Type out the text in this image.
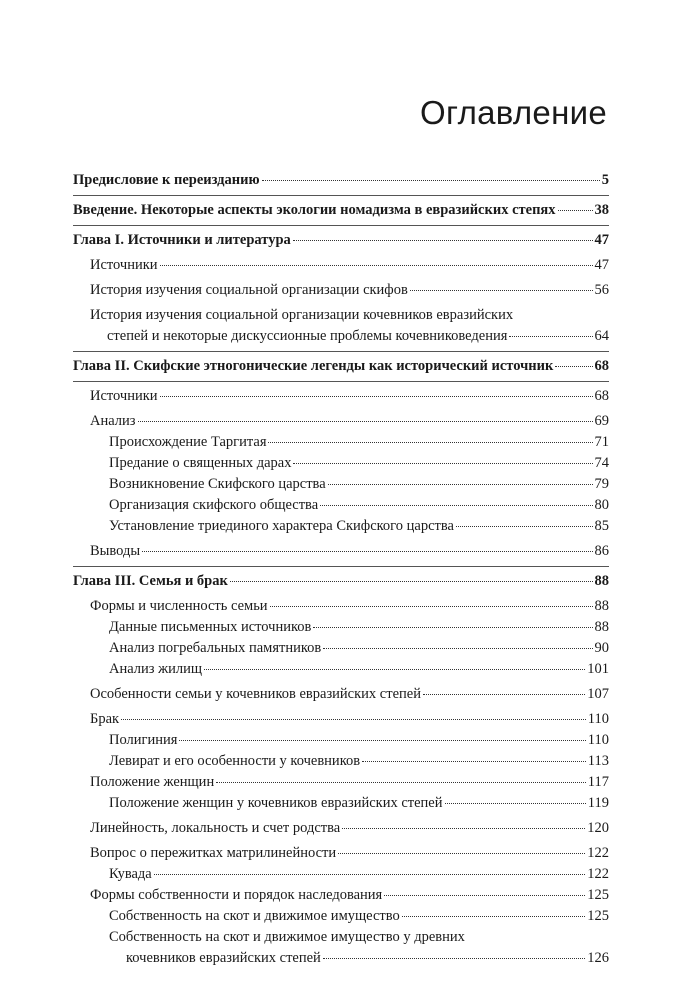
Оглавление
Предисловие к переизданию	5
Введение. Некоторые аспекты экологии номадизма в евразийских степях	38
Глава I. Источники и литература	47
Источники	47
История изучения социальной организации скифов	56
История изучения социальной организации кочевников евразийских
степей и некоторые дискуссионные проблемы кочевниковедения	64
Глава II. Скифские этногонические легенды как исторический источник	68
Источники	68
Анализ	69
Происхождение Таргитая	71
Предание о священных дарах	74
Возникновение Скифского царства	79
Организация скифского общества	80
Установление триединого характера Скифского царства	85
Выводы	86
Глава III. Семья и брак	88
Формы и численность семьи	88
Данные письменных источников	88
Анализ погребальных памятников	90
Анализ жилищ	101
Особенности семьи у кочевников евразийских степей	107
Брак	110
Полигиния	110
Левират и его особенности у кочевников	113
Положение женщин	117
Положение женщин у кочевников евразийских степей	119
Линейность, локальность и счет родства	120
Вопрос о пережитках матрилинейности	122
Кувада	122
Формы собственности и порядок наследования	125
Собственность на скот и движимое имущество	125
Собственность на скот и движимое имущество у древних
кочевников евразийских степей	126
